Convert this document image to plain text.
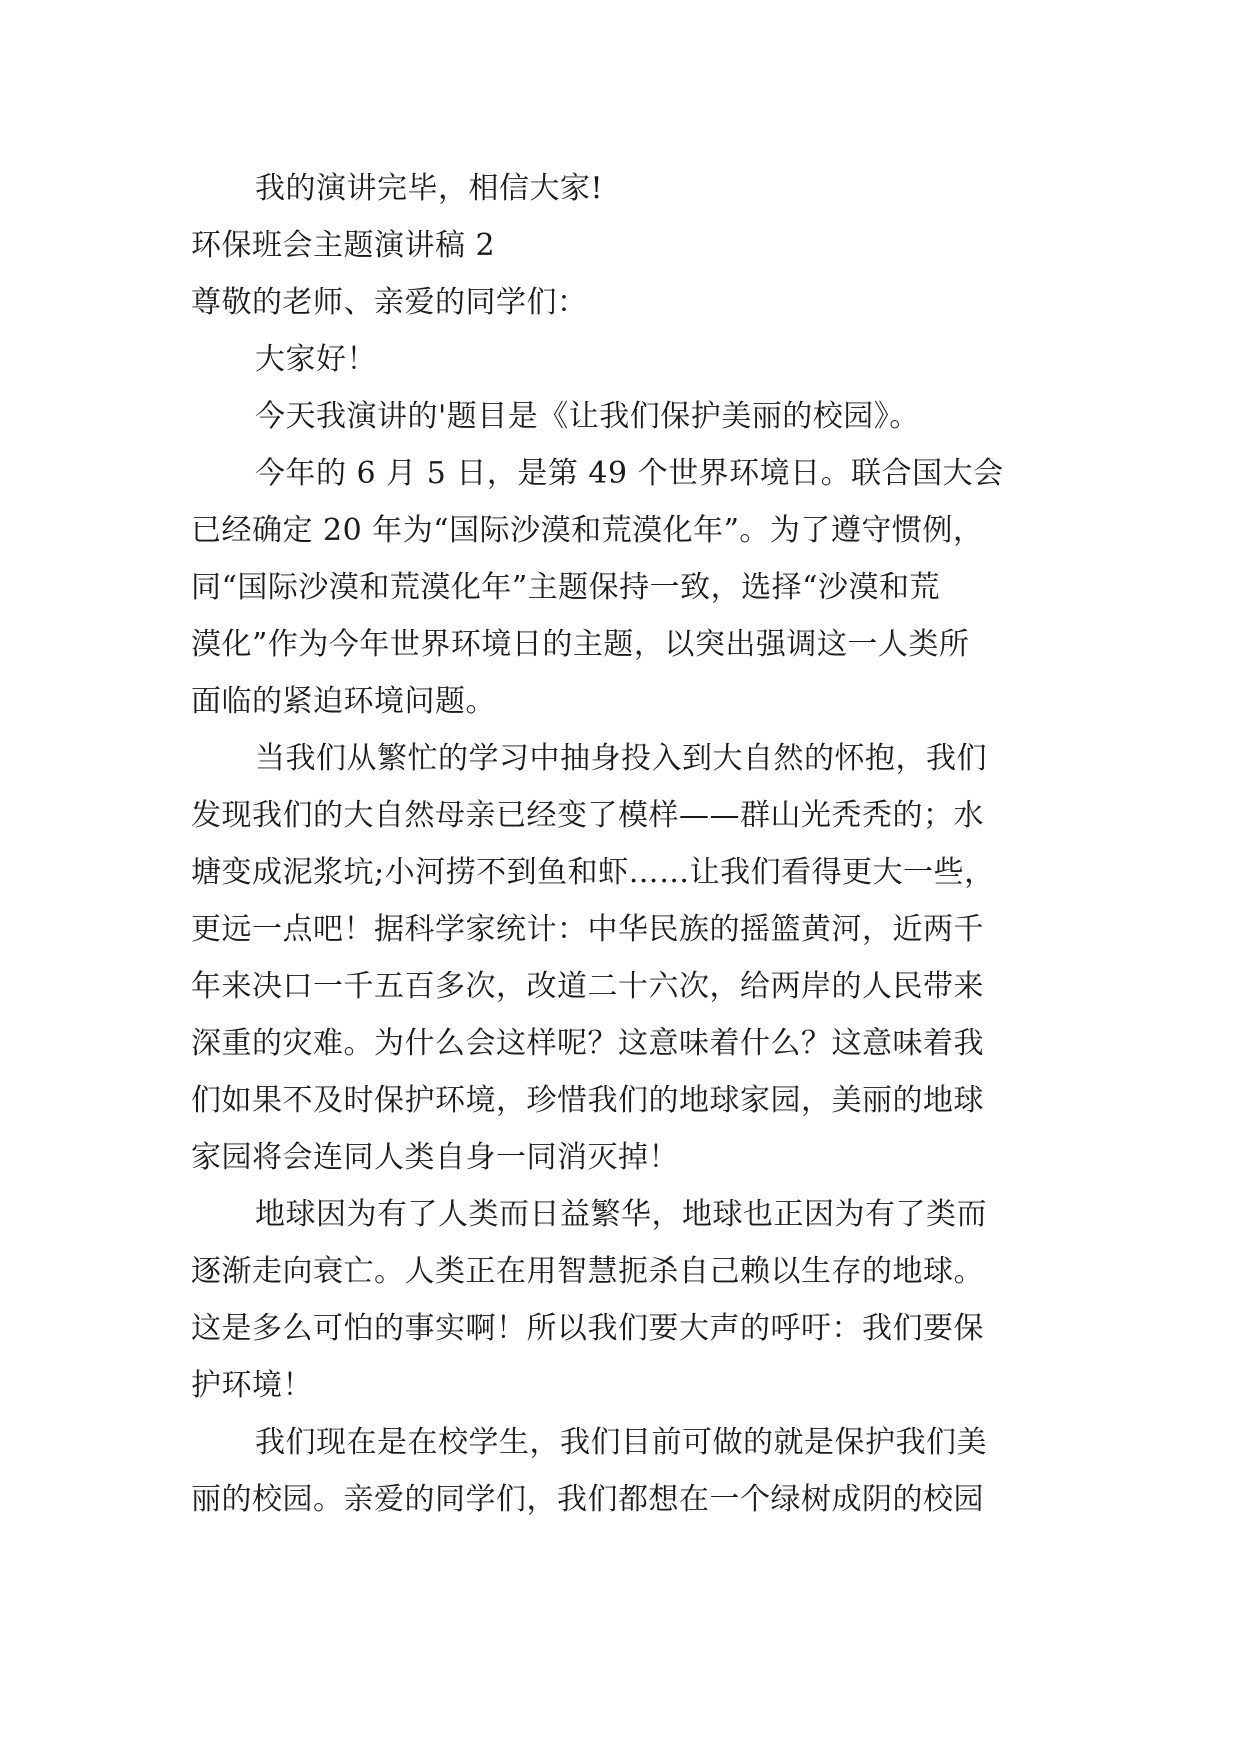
我的演讲完毕，相信大家!
环保班会主题演讲稿 2
尊敬的老师、亲爱的同学们：
大家好！
今天我演讲的'题目是《让我们保护美丽的校园》。
今年的 6 月 5 日，是第 49 个世界环境日。联合国大会
已经确定 20 年为“国际沙漠和荒漠化年”。为了遵守惯例，
同“国际沙漠和荒漠化年”主题保持一致，选择“沙漠和荒
漠化”作为今年世界环境日的主题，以突出强调这一人类所
面临的紧迫环境问题。
当我们从繁忙的学习中抽身投入到大自然的怀抱，我们
发现我们的大自然母亲已经变了模样——群山光秃秃的；水
塘变成泥浆坑;小河捞不到鱼和虾……让我们看得更大一些，
更远一点吧！据科学家统计：中华民族的摇篮黄河，近两千
年来决口一千五百多次，改道二十六次，给两岸的人民带来
深重的灾难。为什么会这样呢？这意味着什么？这意味着我
们如果不及时保护环境，珍惜我们的地球家园，美丽的地球
家园将会连同人类自身一同消灭掉！
地球因为有了人类而日益繁华，地球也正因为有了类而
逐渐走向衰亡。人类正在用智慧扼杀自己赖以生存的地球。
这是多么可怕的事实啊！所以我们要大声的呼吁：我们要保
护环境！
我们现在是在校学生，我们目前可做的就是保护我们美
丽的校园。亲爱的同学们，我们都想在一个绿树成阴的校园
